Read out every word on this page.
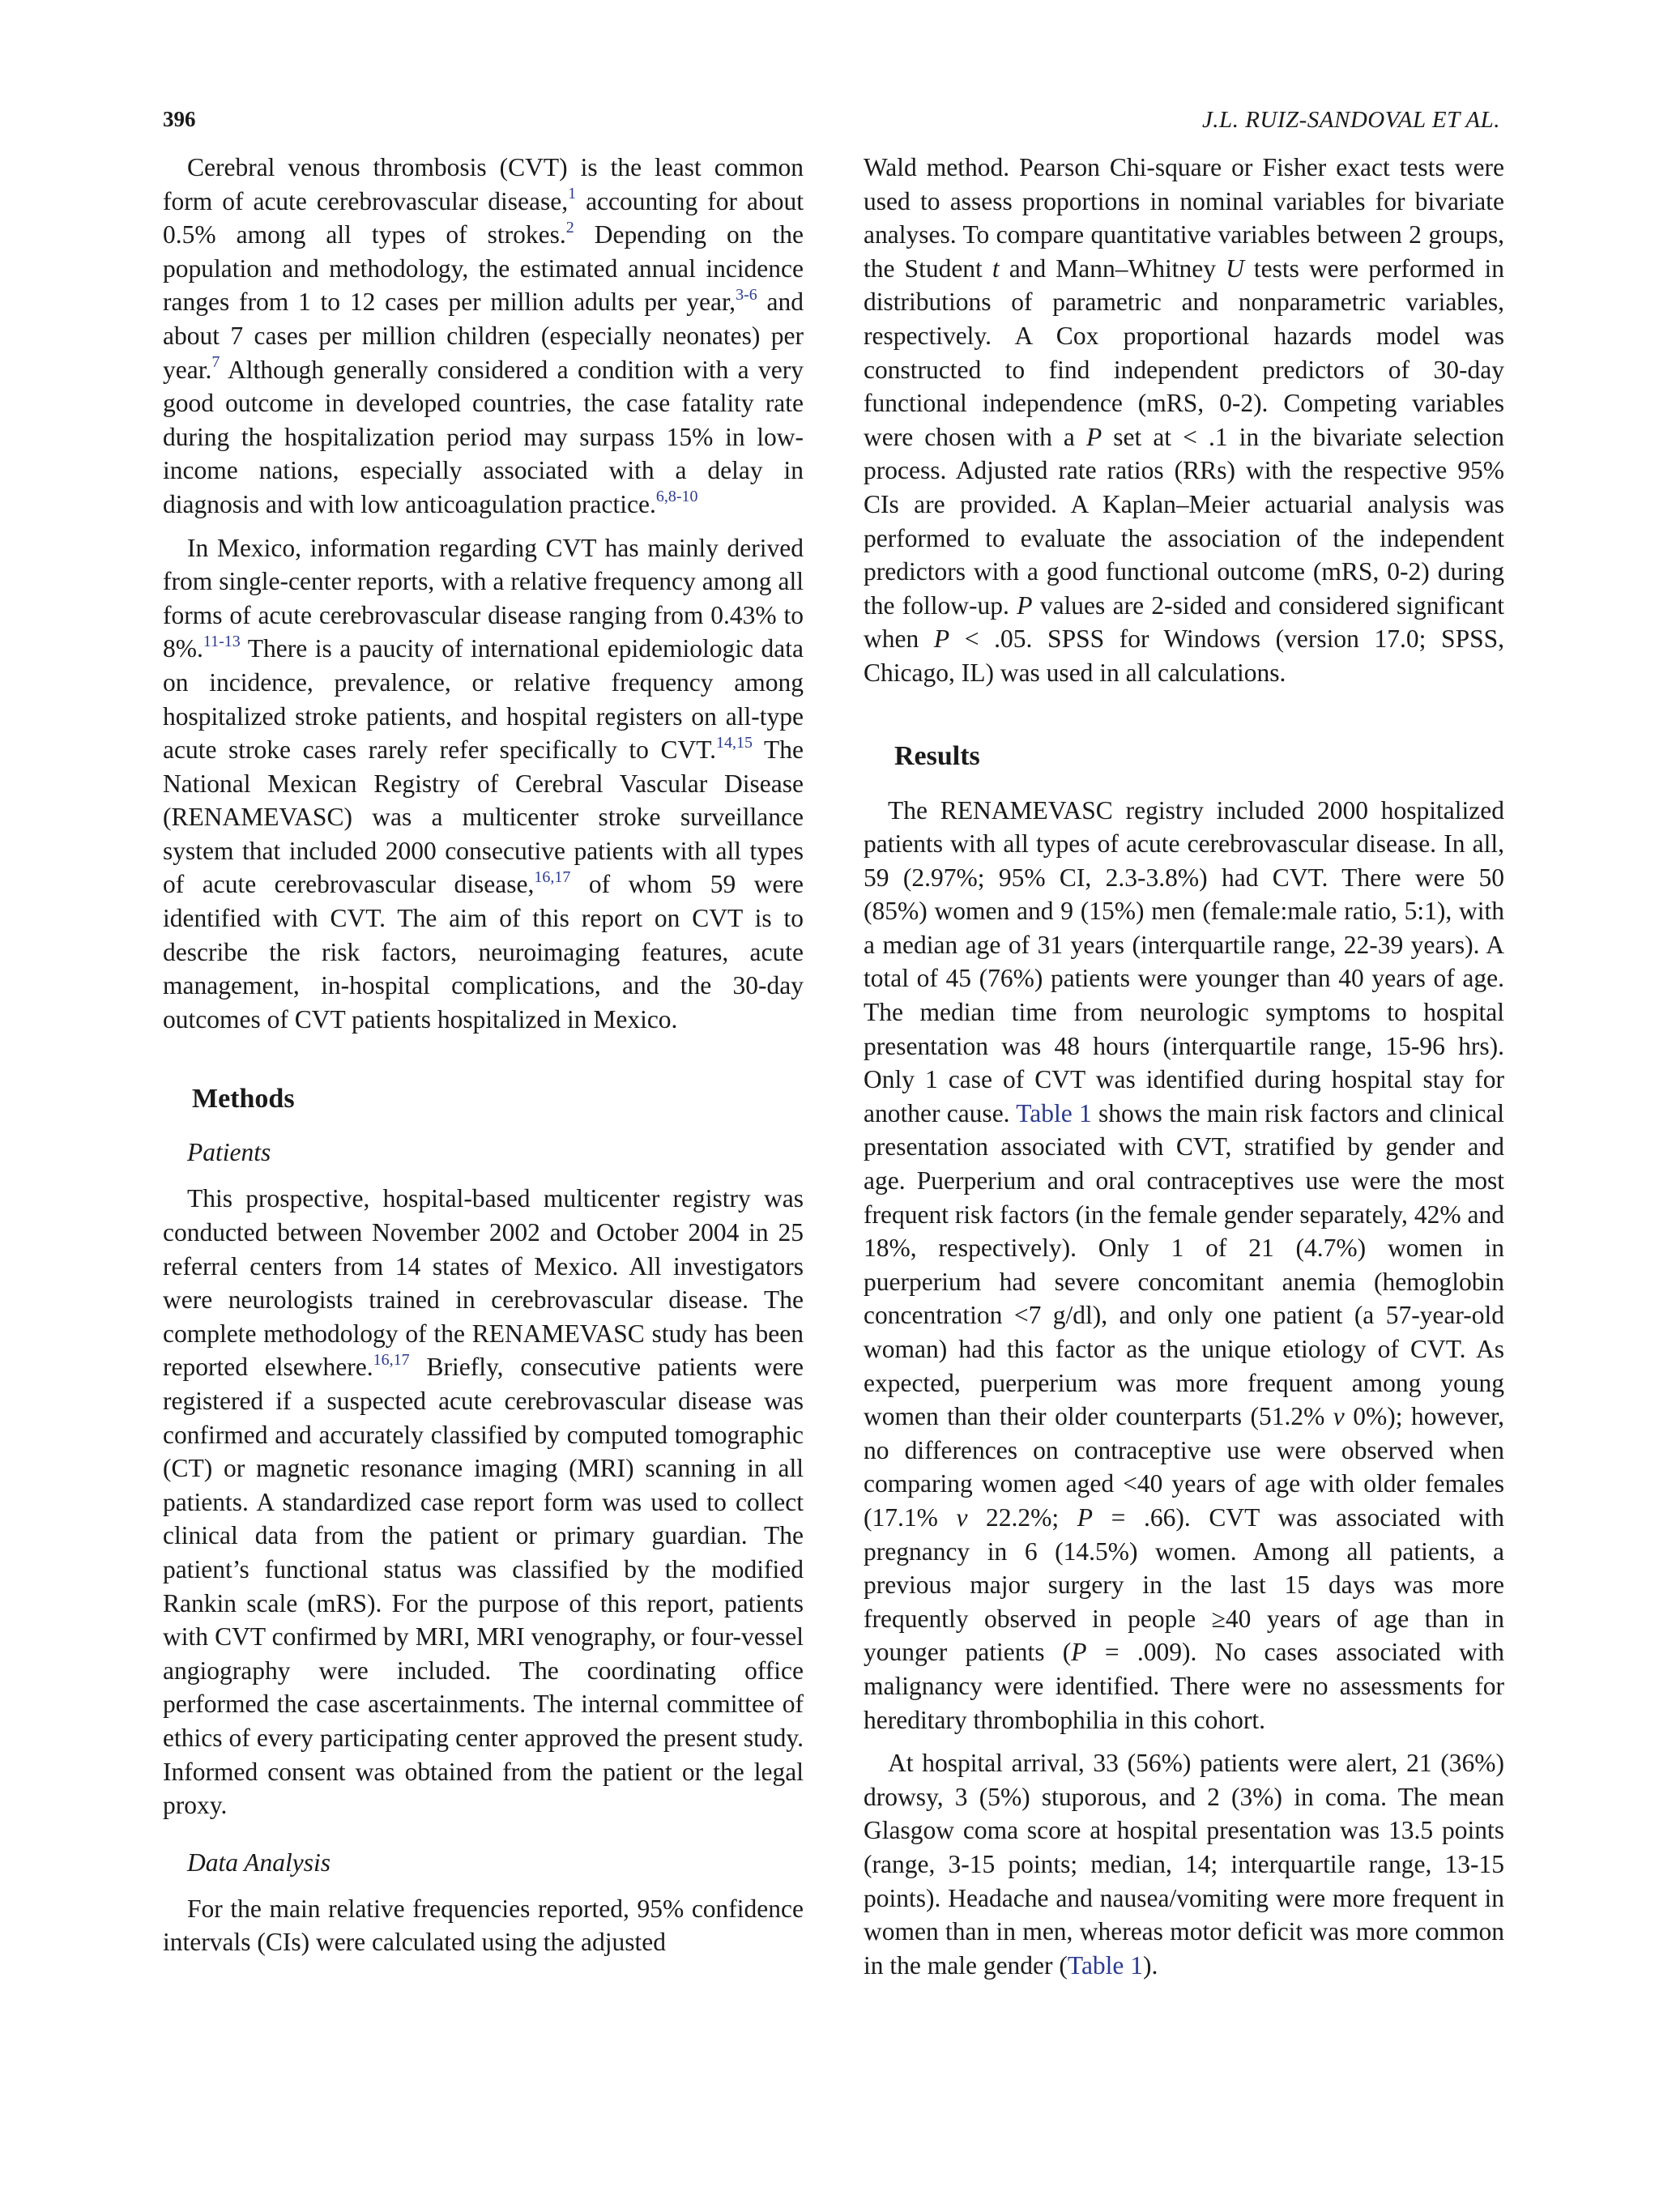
396	J.L. RUIZ-SANDOVAL ET AL.

Cerebral venous thrombosis (CVT) is the least common form of acute cerebrovascular disease,$^1$ accounting for about 0.5% among all types of strokes.$^2$ Depending on the population and methodology, the estimated annual incidence ranges from 1 to 12 cases per million adults per year,$^{3-6}$ and about 7 cases per million children (especially neonates) per year.$^7$ Although generally considered a condition with a very good outcome in developed countries, the case fatality rate during the hospitalization period may surpass 15% in low-income nations, especially associated with a delay in diagnosis and with low anticoagulation practice.$^{6,8-10}$

In Mexico, information regarding CVT has mainly derived from single-center reports, with a relative frequency among all forms of acute cerebrovascular disease ranging from 0.43% to 8%.$^{11-13}$ There is a paucity of international epidemiologic data on incidence, prevalence, or relative frequency among hospitalized stroke patients, and hospital registers on all-type acute stroke cases rarely refer specifically to CVT.$^{14,15}$ The National Mexican Registry of Cerebral Vascular Disease (RENAMEVASC) was a multicenter stroke surveillance system that included 2000 consecutive patients with all types of acute cerebrovascular disease,$^{16,17}$ of whom 59 were identified with CVT. The aim of this report on CVT is to describe the risk factors, neuroimaging features, acute management, in-hospital complications, and the 30-day outcomes of CVT patients hospitalized in Mexico.

Methods
Patients

This prospective, hospital-based multicenter registry was conducted between November 2002 and October 2004 in 25 referral centers from 14 states of Mexico. All investigators were neurologists trained in cerebrovascular disease. The complete methodology of the RENAMEVASC study has been reported elsewhere.$^{16,17}$ Briefly, consecutive patients were registered if a suspected acute cerebrovascular disease was confirmed and accurately classified by computed tomographic (CT) or magnetic resonance imaging (MRI) scanning in all patients. A standardized case report form was used to collect clinical data from the patient or primary guardian. The patient’s functional status was classified by the modified Rankin scale (mRS). For the purpose of this report, patients with CVT confirmed by MRI, MRI venography, or four-vessel angiography were included. The coordinating office performed the case ascertainments. The internal committee of ethics of every participating center approved the present study. Informed consent was obtained from the patient or the legal proxy.

Data Analysis

For the main relative frequencies reported, 95% confidence intervals (CIs) were calculated using the adjusted

Wald method. Pearson Chi-square or Fisher exact tests were used to assess proportions in nominal variables for bivariate analyses. To compare quantitative variables between 2 groups, the Student t and Mann–Whitney U tests were performed in distributions of parametric and nonparametric variables, respectively. A Cox proportional hazards model was constructed to find independent predictors of 30-day functional independence (mRS, 0-2). Competing variables were chosen with a P set at < .1 in the bivariate selection process. Adjusted rate ratios (RRs) with the respective 95% CIs are provided. A Kaplan–Meier actuarial analysis was performed to evaluate the association of the independent predictors with a good functional outcome (mRS, 0-2) during the follow-up. P values are 2-sided and considered significant when P < .05. SPSS for Windows (version 17.0; SPSS, Chicago, IL) was used in all calculations.

Results

The RENAMEVASC registry included 2000 hospitalized patients with all types of acute cerebrovascular disease. In all, 59 (2.97%; 95% CI, 2.3-3.8%) had CVT. There were 50 (85%) women and 9 (15%) men (female:male ratio, 5:1), with a median age of 31 years (interquartile range, 22-39 years). A total of 45 (76%) patients were younger than 40 years of age. The median time from neurologic symptoms to hospital presentation was 48 hours (interquartile range, 15-96 hrs). Only 1 case of CVT was identified during hospital stay for another cause. Table 1 shows the main risk factors and clinical presentation associated with CVT, stratified by gender and age. Puerperium and oral contraceptives use were the most frequent risk factors (in the female gender separately, 42% and 18%, respectively). Only 1 of 21 (4.7%) women in puerperium had severe concomitant anemia (hemoglobin concentration <7 g/dl), and only one patient (a 57-year-old woman) had this factor as the unique etiology of CVT. As expected, puerperium was more frequent among young women than their older counterparts (51.2% v 0%); however, no differences on contraceptive use were observed when comparing women aged <40 years of age with older females (17.1% v 22.2%; P = .66). CVT was associated with pregnancy in 6 (14.5%) women. Among all patients, a previous major surgery in the last 15 days was more frequently observed in people ≥40 years of age than in younger patients (P = .009). No cases associated with malignancy were identified. There were no assessments for hereditary thrombophilia in this cohort.

At hospital arrival, 33 (56%) patients were alert, 21 (36%) drowsy, 3 (5%) stuporous, and 2 (3%) in coma. The mean Glasgow coma score at hospital presentation was 13.5 points (range, 3-15 points; median, 14; interquartile range, 13-15 points). Headache and nausea/vomiting were more frequent in women than in men, whereas motor deficit was more common in the male gender (Table 1).
